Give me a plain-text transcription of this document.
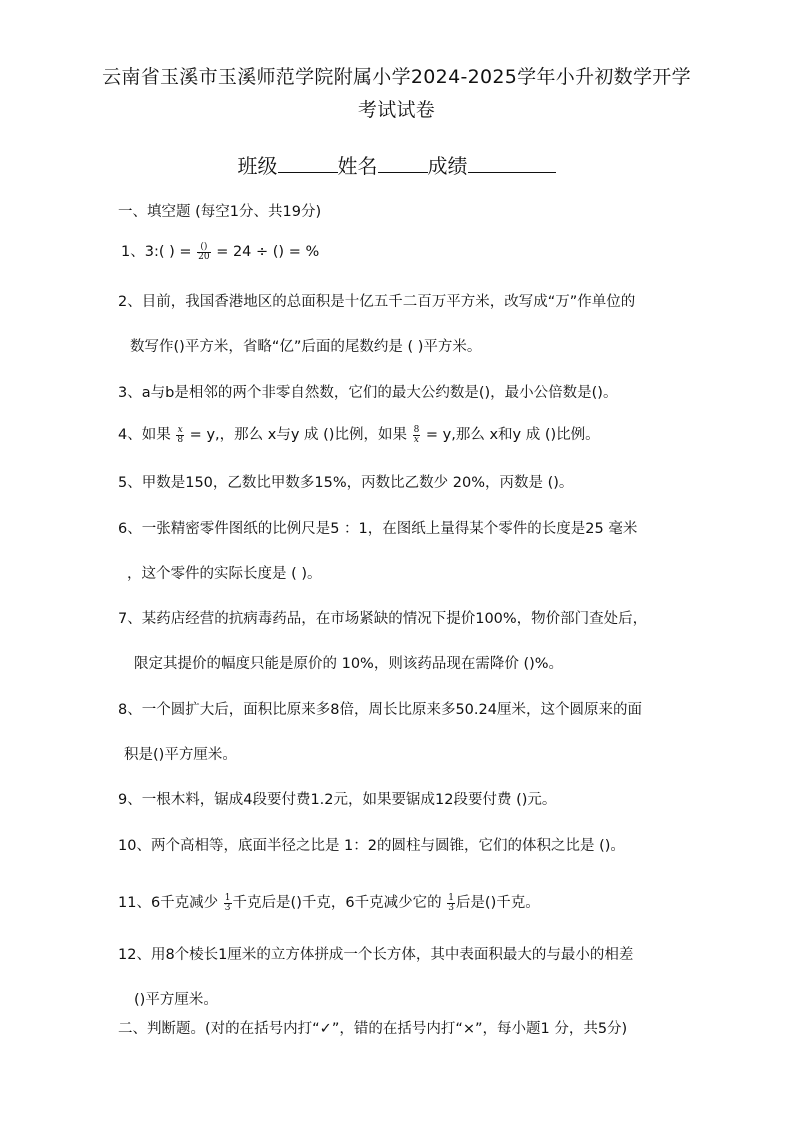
云南省玉溪市玉溪师范学院附属小学2024-2025学年小升初数学开学
考试试卷
班级	姓名	成绩
一、填空题 (每空1分、共19分)
1、3:( ) = $\frac{()}{20} = 24$ ÷ () = %
2、目前，我国香港地区的总面积是十亿五千二百万平方米，改写成“万”作单位的
数写作()平方米，省略“亿”后面的尾数约是 ( )平方米。
3、a与b是相邻的两个非零自然数，它们的最大公约数是()，最小公倍数是()。
4、如果 $\frac{x}{8} = y$,，那么 x与y 成 ()比例，如果 $\frac{8}{x} = y$,那么 x和y 成 ()比例。
5、甲数是150，乙数比甲数多15%，丙数比乙数少 20%，丙数是 ()。
6、一张精密零件图纸的比例尺是5 ：1，在图纸上量得某个零件的长度是25 毫米
，这个零件的实际长度是 ( )。
7、某药店经营的抗病毒药品，在市场紧缺的情况下提价100%，物价部门查处后，
限定其提价的幅度只能是原价的 10%，则该药品现在需降价 ()%。
8、一个圆扩大后，面积比原来多8倍，周长比原来多50.24厘米，这个圆原来的面
积是()平方厘米。
9、一根木料，锯成4段要付费1.2元，如果要锯成12段要付费 ()元。
10、两个高相等，底面半径之比是 1：2的圆柱与圆锥，它们的体积之比是 ()。
11、6千克减少 $\frac{1}{3}$ 千克后是()千克，6千克减少它的 $\frac{1}{3}$ 后是()千克。
12、用8个棱长1厘米的立方体拼成一个长方体，其中表面积最大的与最小的相差
()平方厘米。
二、判断题。(对的在括号内打“✓”，错的在括号内打“×”，每小题1 分，共5分)
